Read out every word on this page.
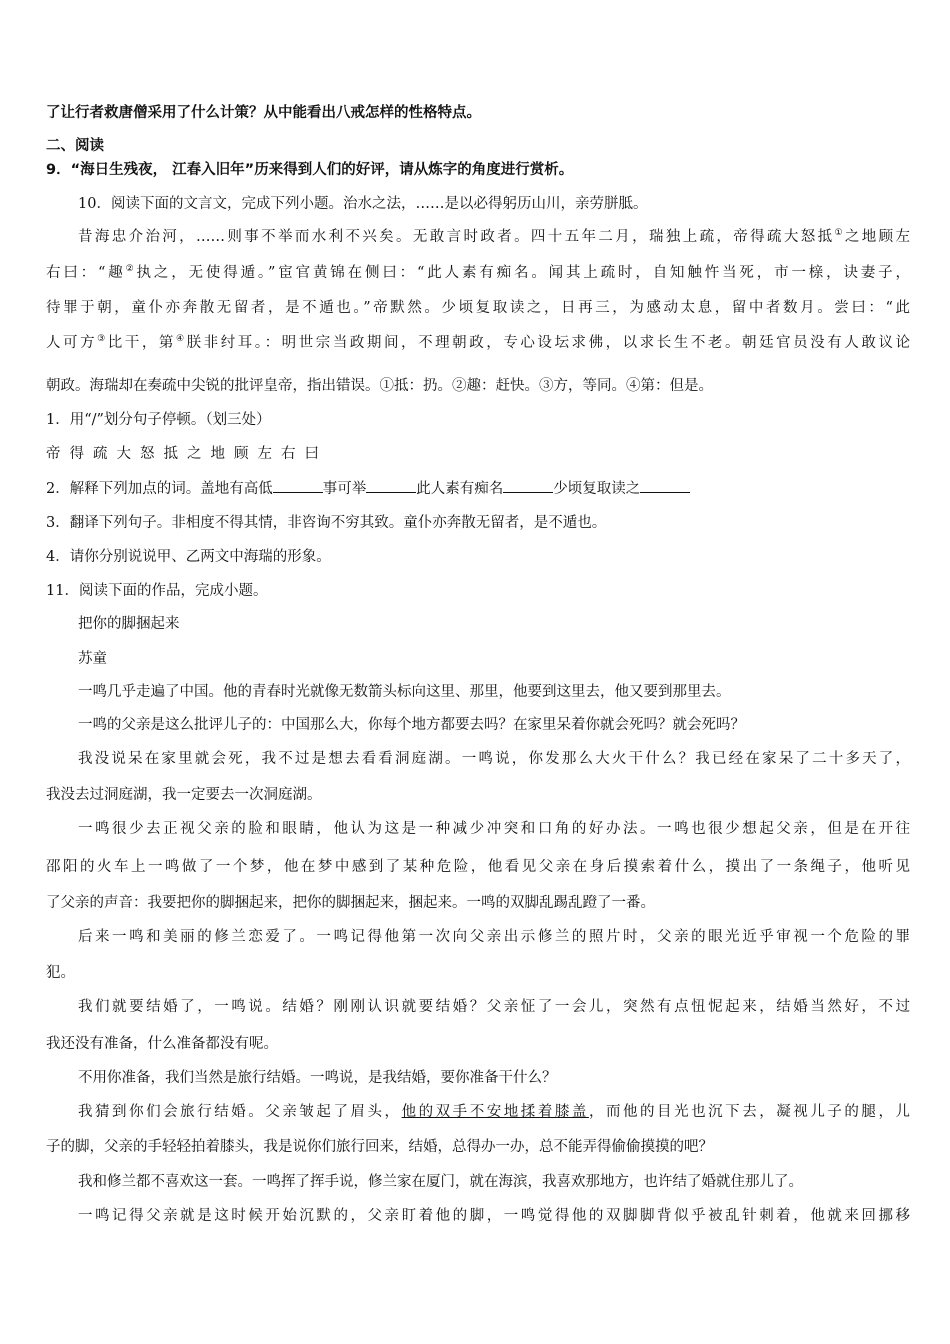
了让行者救唐僧采用了什么计策？从中能看出八戒怎样的性格特点。
二、阅读
9．“海日生残夜， 江春入旧年”历来得到人们的好评，请从炼字的角度进行赏析。
10．阅读下面的文言文，完成下列小题。治水之法，……是以必得躬历山川，亲劳胼胝。
昔海忠介治河，……则事不举而水利不兴矣。无敢言时政者。四十五年二月，瑞独上疏，帝得疏大怒抵①之地顾左
右曰：“趣②执之，无使得遁。”宦官黄锦在侧曰：“此人素有痴名。闻其上疏时，自知触忤当死，市一榇，诀妻子，
待罪于朝，童仆亦奔散无留者，是不遁也。”帝默然。少顷复取读之，日再三，为感动太息，留中者数月。尝曰：“此
人可方③比干，第④朕非纣耳。：明世宗当政期间，不理朝政，专心设坛求佛，以求长生不老。朝廷官员没有人敢议论
朝政。海瑞却在奏疏中尖锐的批评皇帝，指出错误。①抵：扔。②趣：赶快。③方，等同。④第：但是。
1．用“/”划分句子停顿。（划三处）
帝 得 疏 大 怒 抵 之 地 顾 左 右 曰
2．解释下列加点的词。盖地有高低	事可举	此人素有痴名	少顷复取读之
3．翻译下列句子。非相度不得其情，非咨询不穷其致。童仆亦奔散无留者，是不遁也。
4．请你分别说说甲、乙两文中海瑞的形象。
11．阅读下面的作品，完成小题。
把你的脚捆起来
苏童
一鸣几乎走遍了中国。他的青春时光就像无数箭头标向这里、那里，他要到这里去，他又要到那里去。
一鸣的父亲是这么批评儿子的：中国那么大，你每个地方都要去吗？在家里呆着你就会死吗？就会死吗？
我没说呆在家里就会死，我不过是想去看看洞庭湖。一鸣说，你发那么大火干什么？我已经在家呆了二十多天了，
我没去过洞庭湖，我一定要去一次洞庭湖。
一鸣很少去正视父亲的脸和眼睛，他认为这是一种减少冲突和口角的好办法。一鸣也很少想起父亲，但是在开往
邵阳的火车上一鸣做了一个梦，他在梦中感到了某种危险，他看见父亲在身后摸索着什么，摸出了一条绳子，他听见
了父亲的声音：我要把你的脚捆起来，把你的脚捆起来，捆起来。一鸣的双脚乱踢乱蹬了一番。
后来一鸣和美丽的修兰恋爱了。一鸣记得他第一次向父亲出示修兰的照片时，父亲的眼光近乎审视一个危险的罪
犯。
我们就要结婚了，一鸣说。结婚？刚刚认识就要结婚？父亲怔了一会儿，突然有点忸怩起来，结婚当然好，不过
我还没有准备，什么准备都没有呢。
不用你准备，我们当然是旅行结婚。一鸣说，是我结婚，要你准备干什么？
我猜到你们会旅行结婚。父亲皱起了眉头，他的双手不安地揉着膝盖，而他的目光也沉下去，凝视儿子的腿，儿
子的脚，父亲的手轻轻拍着膝头，我是说你们旅行回来，结婚，总得办一办，总不能弄得偷偷摸摸的吧？
我和修兰都不喜欢这一套。一鸣挥了挥手说，修兰家在厦门，就在海滨，我喜欢那地方，也许结了婚就住那儿了。
一鸣记得父亲就是这时候开始沉默的，父亲盯着他的脚，一鸣觉得他的双脚脚背似乎被乱针刺着，他就来回挪移
